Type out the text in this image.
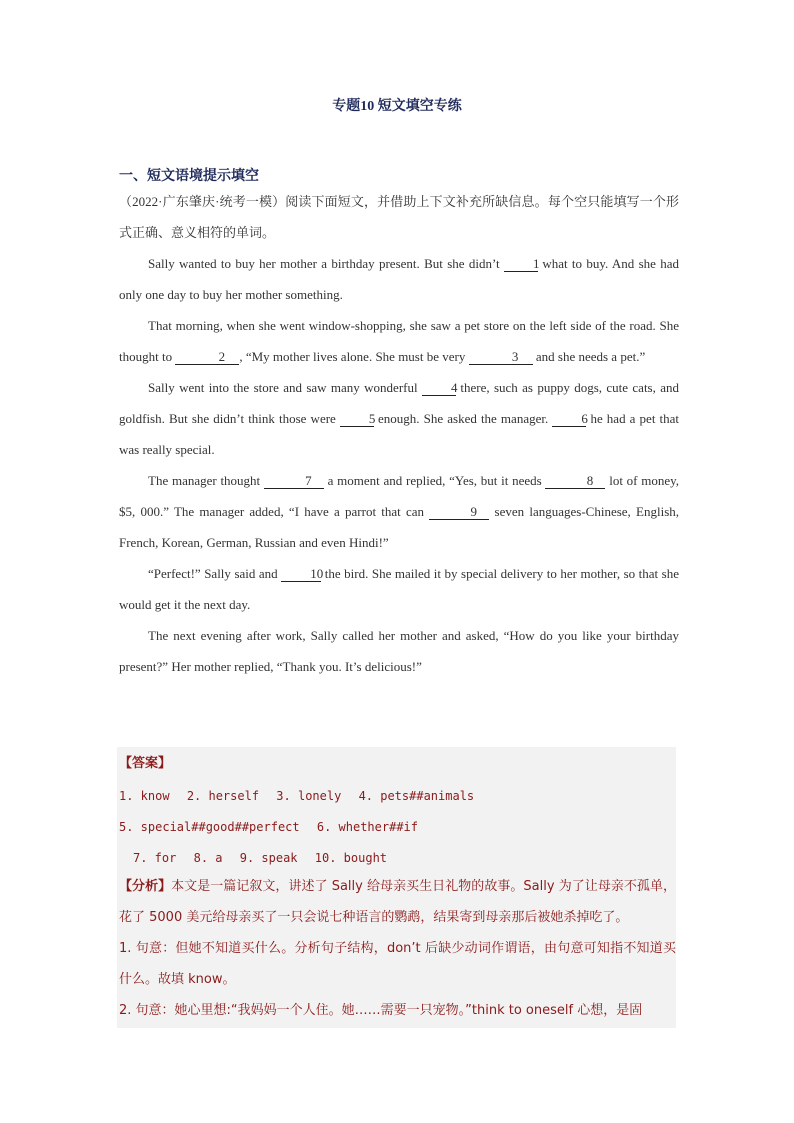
专题10 短文填空专练
一、短文语境提示填空

（2022·广东肇庆·统考一模）阅读下面短文，并借助上下文补充所缺信息。每个空只能填写一个形式正确、意义相符的单词。

Sally wanted to buy her mother a birthday present. But she didn’t	1 what to buy. And she had only one day to buy her mother something.

That morning, when she went window-shopping, she saw a pet store on the left side of the road. She thought to	2 , “My mother lives alone. She must be very	3 and she needs a pet.”

Sally went into the store and saw many wonderful	4 there, such as puppy dogs, cute cats, and goldfish. But she didn’t think those were	5 enough. She asked the manager.	6 he had a pet that was really special.

The manager thought	7 a moment and replied, “Yes, but it needs	8 lot of money, $5, 000.” The manager added, “I have a parrot that can	9 seven languages-Chinese, English, French, Korean, German, Russian and even Hindi!”

“Perfect!” Sally said and	10 the bird. She mailed it by special delivery to her mother, so that she would get it the next day.

The next evening after work, Sally called her mother and asked, “How do you like your birthday present?” Her mother replied, “Thank you. It’s delicious!”

【答案】
1. know 2. herself 3. lonely 4. pets##animals 5. special##good##perfect 6. whether##if
7. for 8. a 9. speak 10. bought

【分析】本文是一篇记叙文，讲述了 Sally 给母亲买生日礼物的故事。Sally 为了让母亲不孤单，花了 5000 美元给母亲买了一只会说七种语言的鹦鹉，结果寄到母亲那后被她杀掉吃了。

1. 句意：但她不知道买什么。分析句子结构，don’t 后缺少动词作谓语，由句意可知指不知道买什么。故填 know。

2. 句意：她心里想:“我妈妈一个人住。她……需要一只宠物。”think to oneself 心想，是固
